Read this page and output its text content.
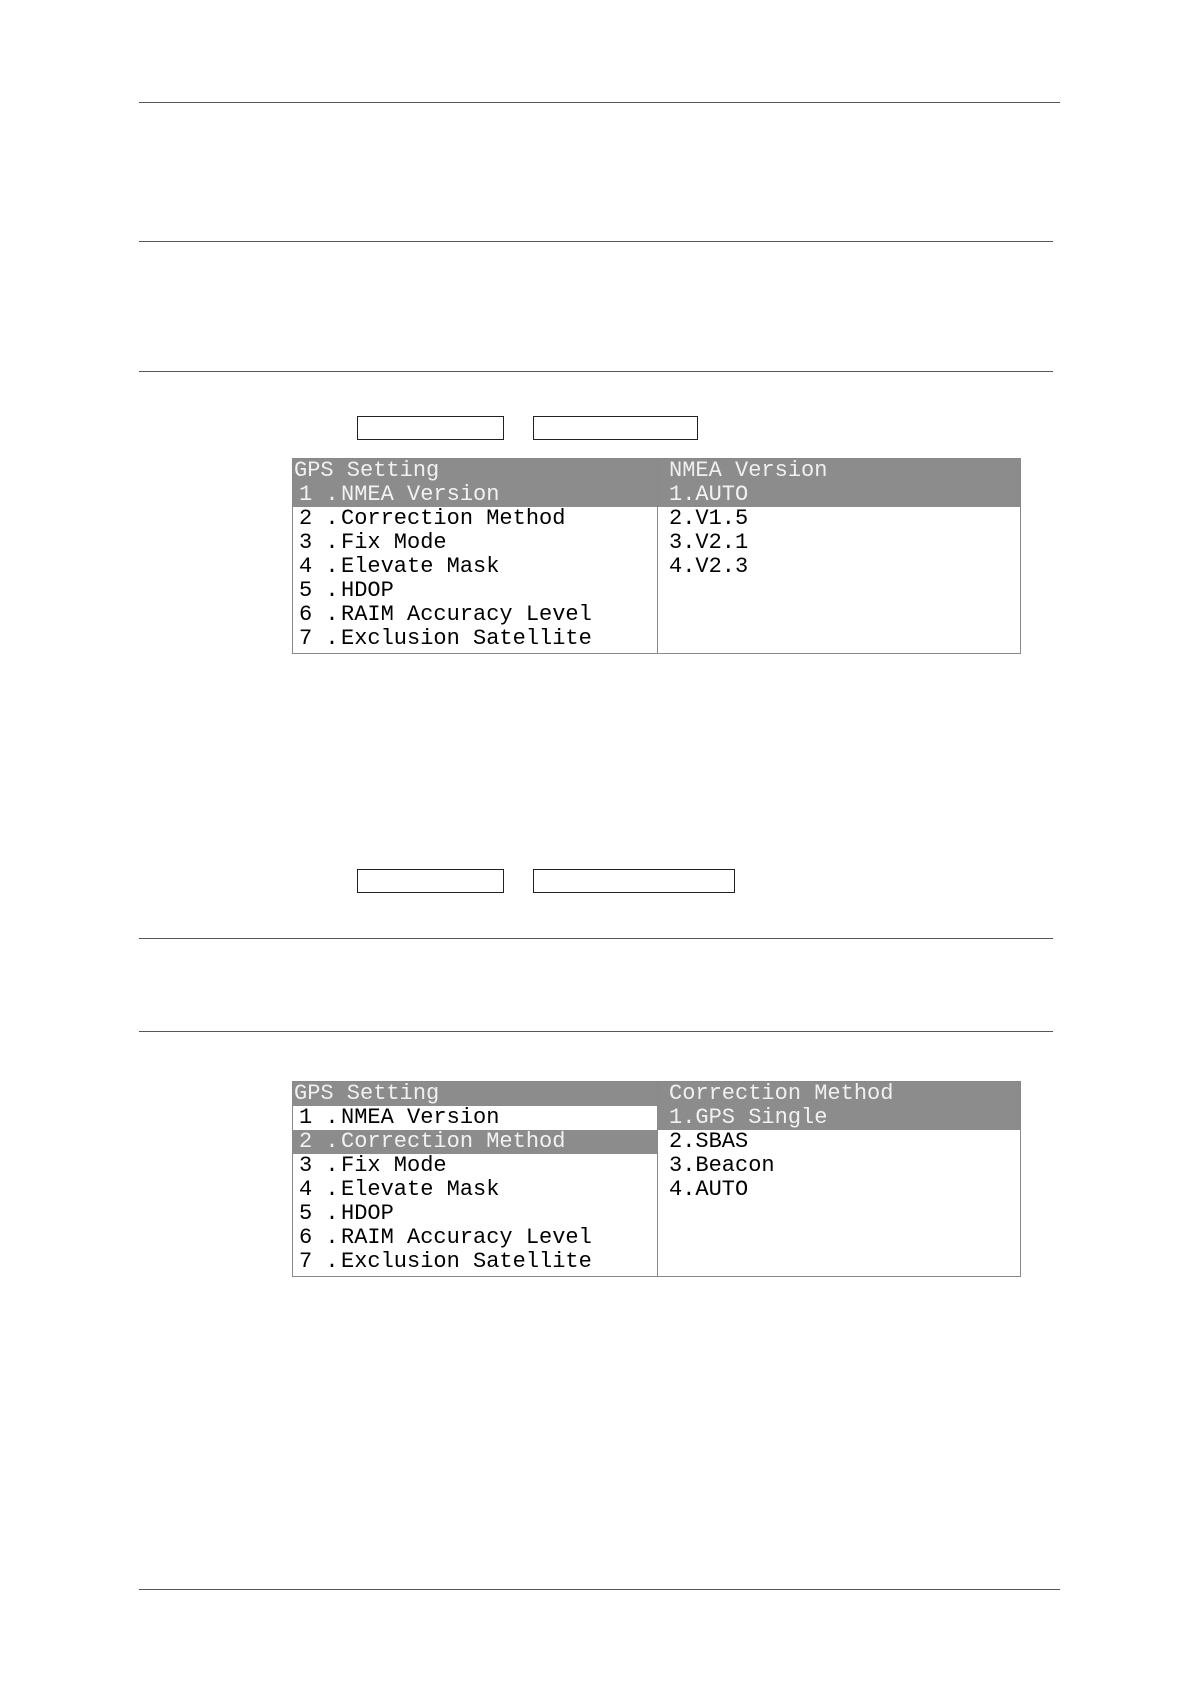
GPS Setting
1 . NMEA Version
2 . Correction Method
3 . Fix Mode
4 . Elevate Mask
5 . HDOP
6 . RAIM Accuracy Level
7 . Exclusion Satellite
NMEA Version
1.AUTO
2.V1.5
3.V2.1
4.V2.3
GPS Setting
1 . NMEA Version
2 . Correction Method
3 . Fix Mode
4 . Elevate Mask
5 . HDOP
6 . RAIM Accuracy Level
7 . Exclusion Satellite
Correction Method
1.GPS Single
2.SBAS
3.Beacon
4.AUTO
